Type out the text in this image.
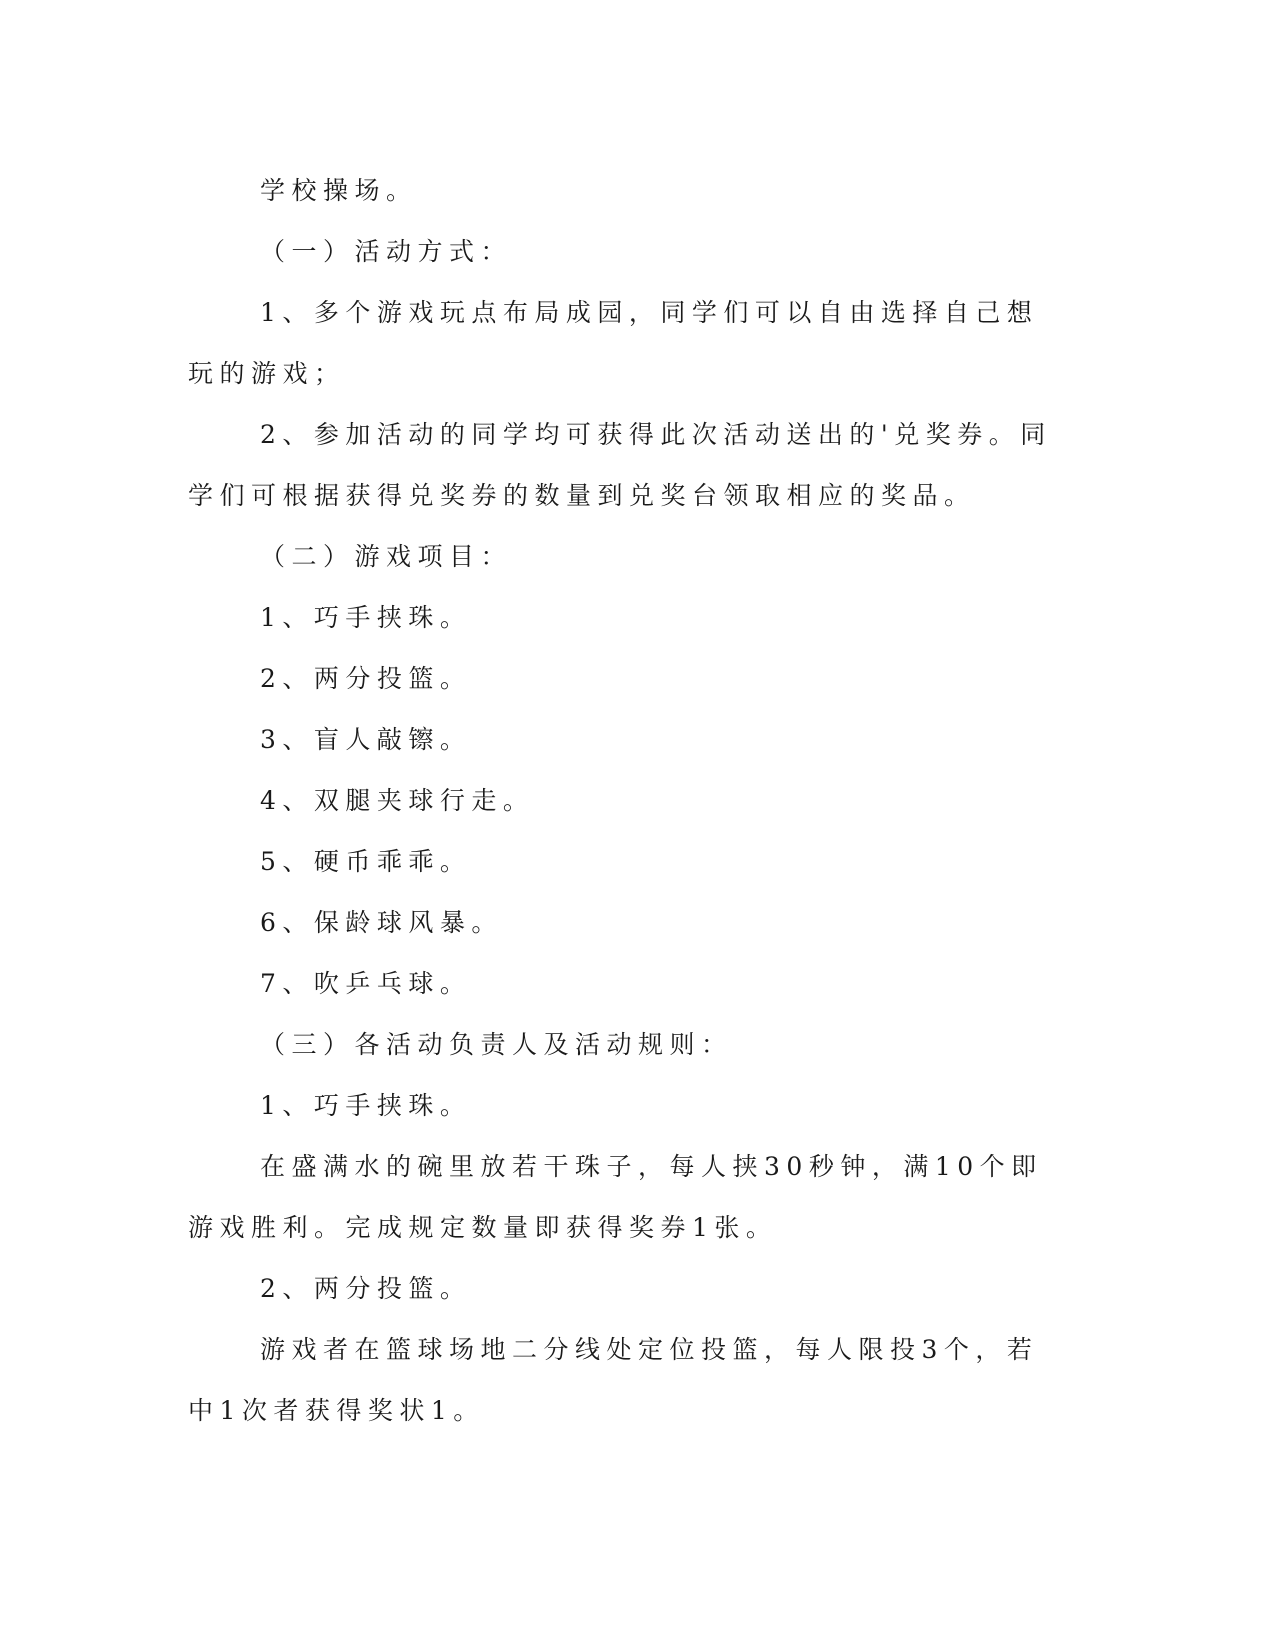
学校操场。

（一）活动方式：

1、多个游戏玩点布局成园，同学们可以自由选择自己想玩的游戏；

2、参加活动的同学均可获得此次活动送出的'兑奖券。同学们可根据获得兑奖券的数量到兑奖台领取相应的奖品。

（二）游戏项目：

1、巧手挟珠。

2、两分投篮。

3、盲人敲镲。

4、双腿夹球行走。

5、硬币乖乖。

6、保龄球风暴。

7、吹乒乓球。

（三）各活动负责人及活动规则：

1、巧手挟珠。

在盛满水的碗里放若干珠子，每人挟30秒钟，满10个即游戏胜利。完成规定数量即获得奖券1张。

2、两分投篮。

游戏者在篮球场地二分线处定位投篮，每人限投3个，若中1次者获得奖状1。
